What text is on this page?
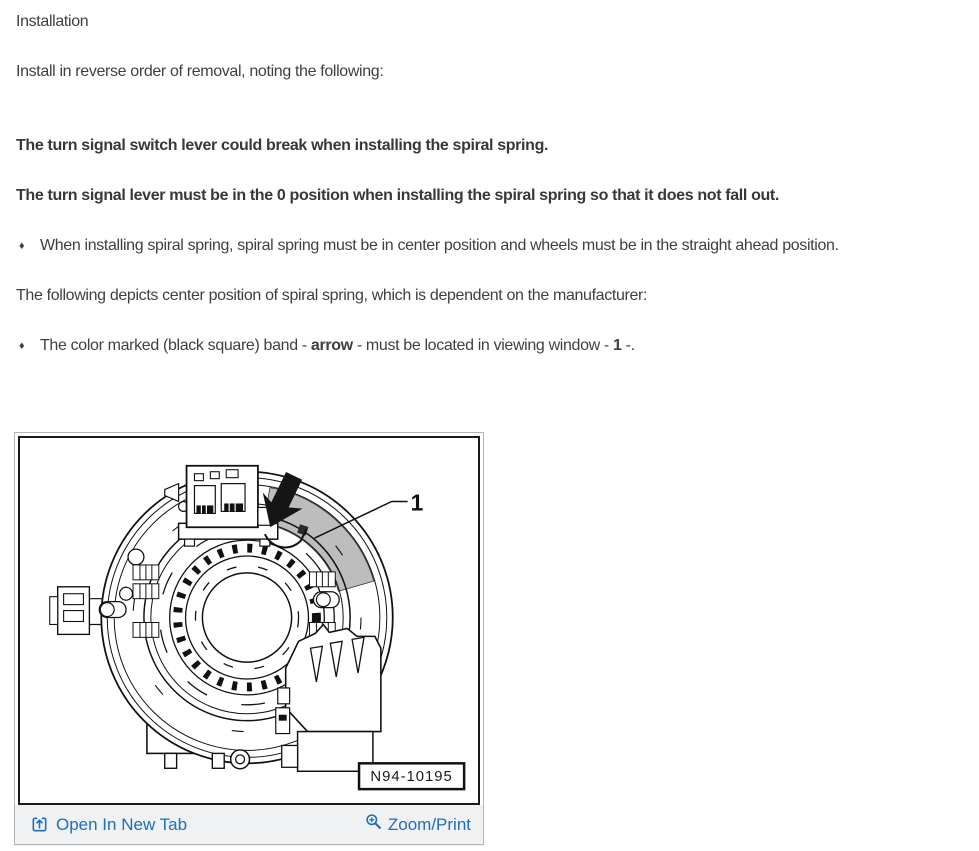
Installation

Install in reverse order of removal, noting the following:

The turn signal switch lever could break when installing the spiral spring.

The turn signal lever must be in the 0 position when installing the spiral spring so that it does not fall out.

♦ When installing spiral spring, spiral spring must be in center position and wheels must be in the straight ahead position.

The following depicts center position of spiral spring, which is dependent on the manufacturer:

♦ The color marked (black square) band - arrow - must be located in viewing window - 1 -.
1
N94-10195
Open In New Tab	Zoom/Print
